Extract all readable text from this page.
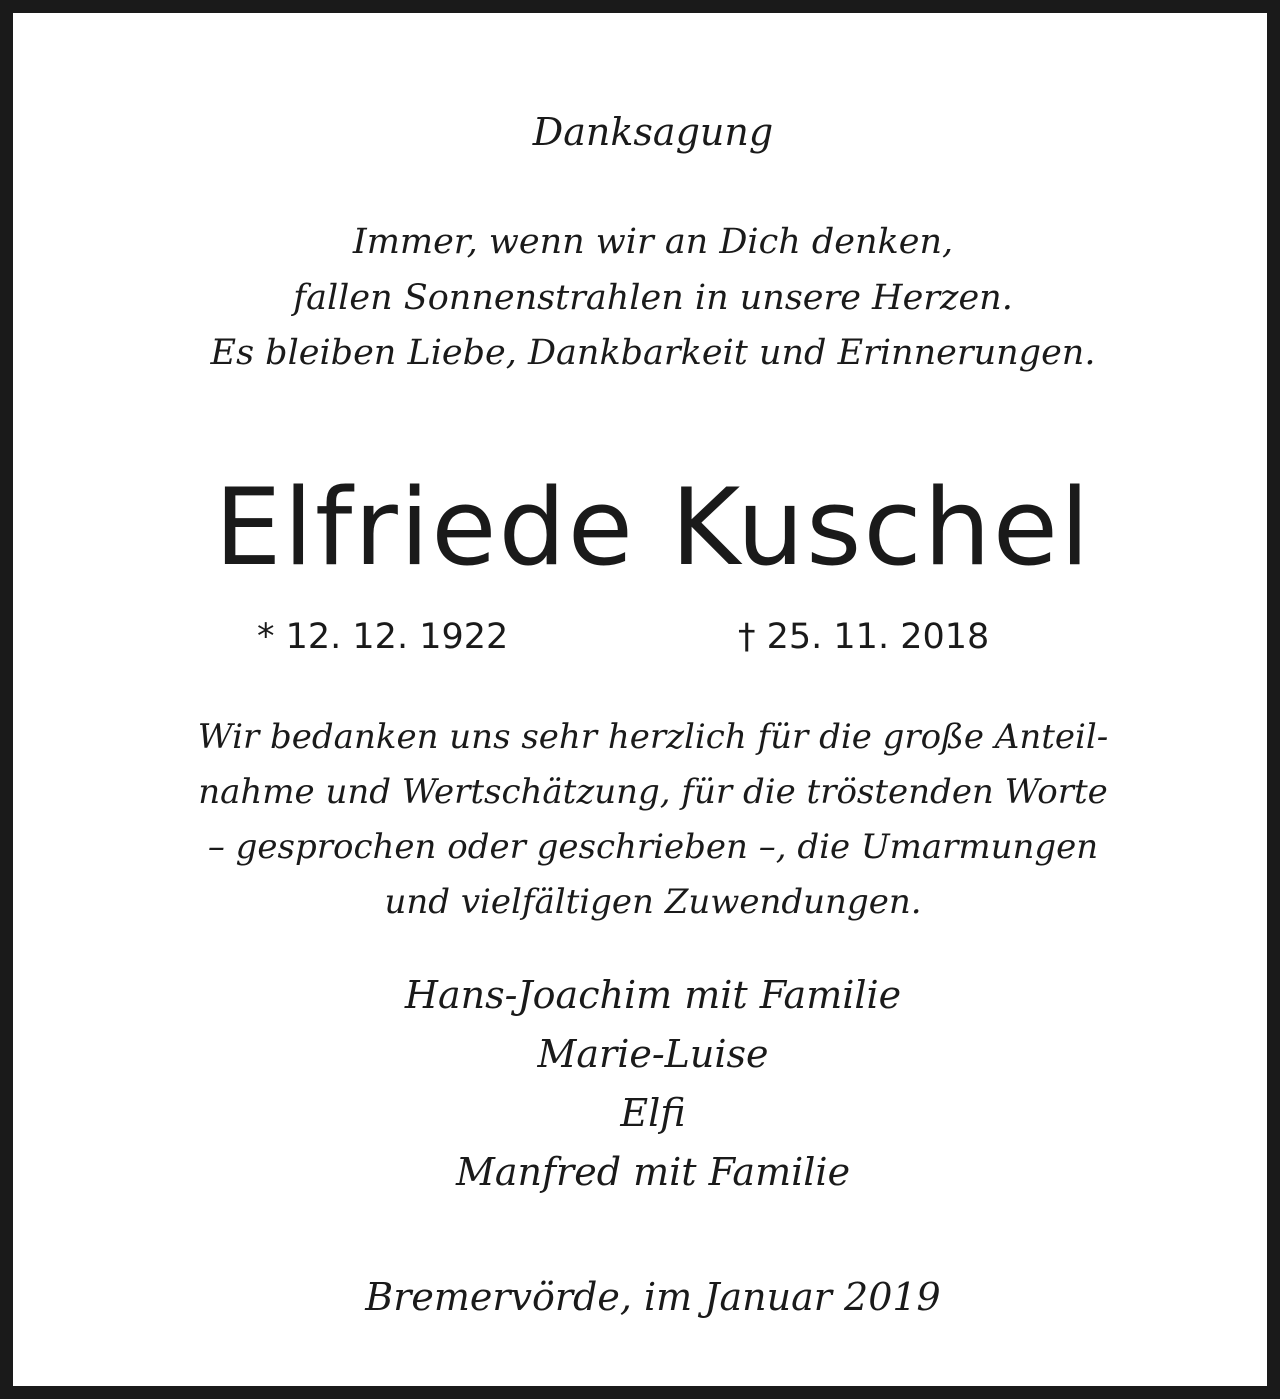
Danksagung
Immer, wenn wir an Dich denken,
fallen Sonnenstrahlen in unsere Herzen.
Es bleiben Liebe, Dankbarkeit und Erinnerungen.
Elfriede Kuschel
* 12. 12. 1922	† 25. 11. 2018
Wir bedanken uns sehr herzlich für die große Anteil-
nahme und Wertschätzung, für die tröstenden Worte
– gesprochen oder geschrieben –, die Umarmungen
und vielfältigen Zuwendungen.
Hans-Joachim mit Familie
Marie-Luise
Elfi
Manfred mit Familie
Bremervörde, im Januar 2019
